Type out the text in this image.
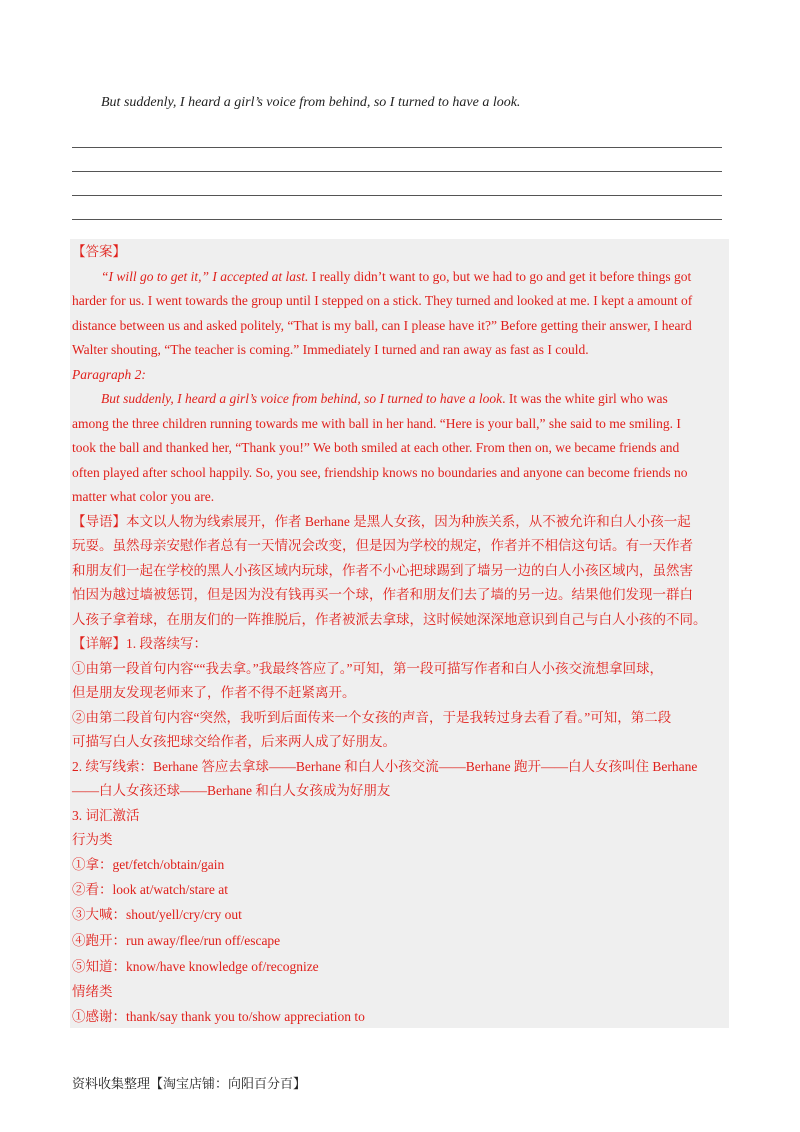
But suddenly, I heard a girl’s voice from behind, so I turned to have a look.
【答案】
“I will go to get it,” I accepted at last. I really didn’t want to go, but we had to go and get it before things got
harder for us. I went towards the group until I stepped on a stick. They turned and looked at me. I kept a amount of
distance between us and asked politely, “That is my ball, can I please have it?” Before getting their answer, I heard
Walter shouting, “The teacher is coming.” Immediately I turned and ran away as fast as I could.
Paragraph 2:
But suddenly, I heard a girl’s voice from behind, so I turned to have a look. It was the white girl who was
among the three children running towards me with ball in her hand. “Here is your ball,” she said to me smiling. I
took the ball and thanked her, “Thank you!” We both smiled at each other. From then on, we became friends and
often played after school happily. So, you see, friendship knows no boundaries and anyone can become friends no
matter what color you are.
【导语】本文以人物为线索展开，作者 Berhane 是黑人女孩，因为种族关系，从不被允许和白人小孩一起
玩耍。虽然母亲安慰作者总有一天情况会改变，但是因为学校的规定，作者并不相信这句话。有一天作者
和朋友们一起在学校的黑人小孩区域内玩球，作者不小心把球踢到了墙另一边的白人小孩区域内，虽然害
怕因为越过墙被惩罚，但是因为没有钱再买一个球，作者和朋友们去了墙的另一边。结果他们发现一群白
人孩子拿着球，在朋友们的一阵推脱后，作者被派去拿球，这时候她深深地意识到自己与白人小孩的不同。
【详解】1. 段落续写：
①由第一段首句内容““我去拿。”我最终答应了。”可知，第一段可描写作者和白人小孩交流想拿回球，
但是朋友发现老师来了，作者不得不赶紧离开。
②由第二段首句内容“突然，我听到后面传来一个女孩的声音，于是我转过身去看了看。”可知，第二段
可描写白人女孩把球交给作者，后来两人成了好朋友。
2. 续写线索：Berhane 答应去拿球——Berhane 和白人小孩交流——Berhane 跑开——白人女孩叫住 Berhane
——白人女孩还球——Berhane 和白人女孩成为好朋友
3. 词汇激活
行为类
①拿：get/fetch/obtain/gain
②看：look at/watch/stare at
③大喊：shout/yell/cry/cry out
④跑开：run away/flee/run off/escape
⑤知道：know/have knowledge of/recognize
情绪类
①感谢：thank/say thank you to/show appreciation to
资料收集整理【淘宝店铺：向阳百分百】
